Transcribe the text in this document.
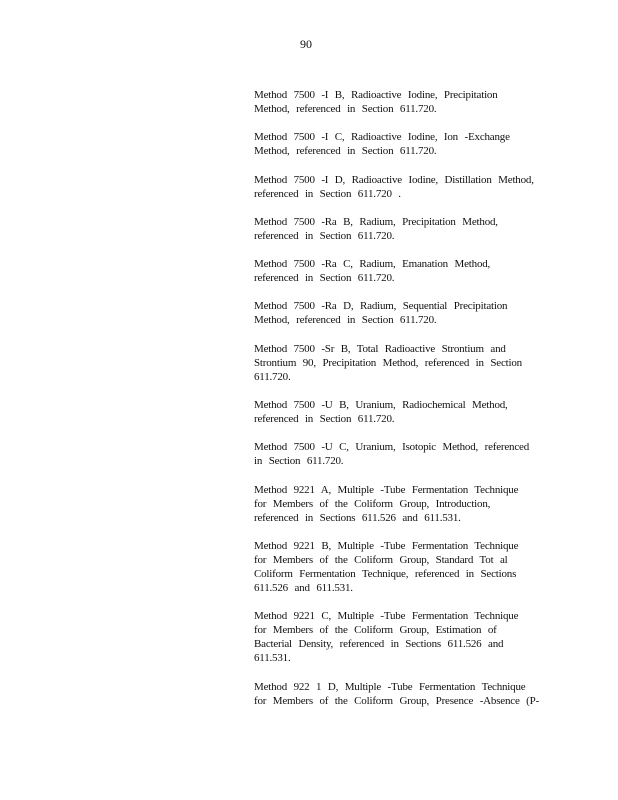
90
Method 7500 -I B, Radioactive Iodine, Precipitation
Method, referenced in Section 611.720.
Method 7500 -I C, Radioactive Iodine, Ion -Exchange
Method, referenced in Section 611.720.
Method 7500 -I D, Radioactive Iodine, Distillation Method,
referenced in Section 611.720 .
Method 7500 -Ra B, Radium, Precipitation Method,
referenced in Section 611.720.
Method 7500 -Ra C, Radium, Emanation Method,
referenced in Section 611.720.
Method 7500 -Ra D, Radium, Sequential Precipitation
Method, referenced in Section 611.720.
Method 7500 -Sr B, Total Radioactive Strontium and
Strontium 90, Precipitation Method, referenced in Section
611.720.
Method 7500 -U B, Uranium, Radiochemical Method,
referenced in Section 611.720.
Method 7500 -U C, Uranium, Isotopic Method, referenced
in Section 611.720.
Method 9221 A, Multiple -Tube Fermentation Technique
for Members of the Coliform Group, Introduction,
referenced in Sections 611.526 and 611.531.
Method 9221 B, Multiple -Tube Fermentation Technique
for Members of the Coliform Group, Standard Tot al
Coliform Fermentation Technique, referenced in Sections
611.526 and 611.531.
Method 9221 C, Multiple -Tube Fermentation Technique
for Members of the Coliform Group, Estimation of
Bacterial Density, referenced in Sections 611.526 and
611.531.
Method 922 1 D, Multiple -Tube Fermentation Technique
for Members of the Coliform Group, Presence -Absence (P-
